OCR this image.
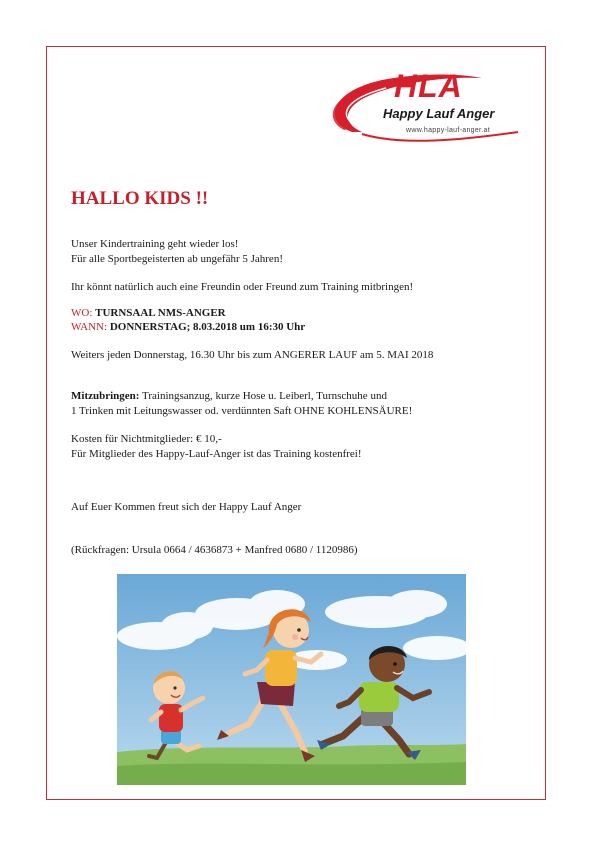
HLA
Happy Lauf Anger
www.happy-lauf-anger.at
HALLO KIDS !!

Unser Kindertraining geht wieder los!
Für alle Sportbegeisterten ab ungefähr 5 Jahren!

Ihr könnt natürlich auch eine Freundin oder Freund zum Training mitbringen!

WO: TURNSAAL NMS-ANGER

WANN: DONNERSTAG; 8.03.2018 um 16:30 Uhr

Weiters jeden Donnerstag, 16.30 Uhr bis zum ANGERER LAUF am 5. MAI 2018

Mitzubringen: Trainingsanzug, kurze Hose u. Leiberl, Turnschuhe und
1 Trinken mit Leitungswasser od. verdünnten Saft OHNE KOHLENSÄURE!

Kosten für Nichtmitglieder: € 10,-
Für Mitglieder des Happy-Lauf-Anger ist das Training kostenfrei!

Auf Euer Kommen freut sich der Happy Lauf Anger

(Rückfragen: Ursula 0664 / 4636873 + Manfred 0680 / 1120986)
